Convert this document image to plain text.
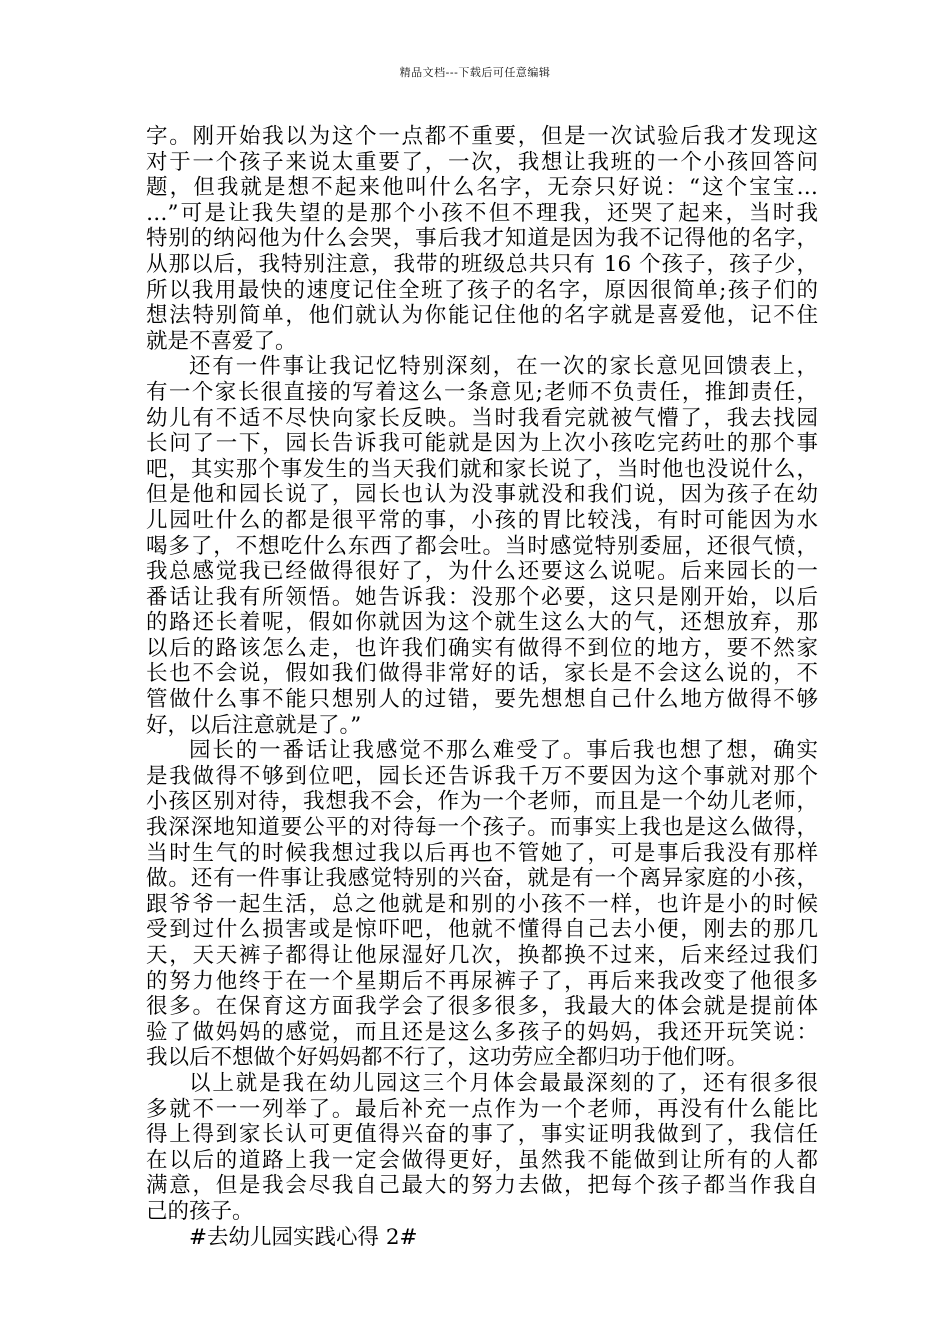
精品文档---下载后可任意编辑
字。刚开始我以为这个一点都不重要，但是一次试验后我才发现这
对于一个孩子来说太重要了，一次，我想让我班的一个小孩回答问
题，但我就是想不起来他叫什么名字，无奈只好说：“这个宝宝…
…”可是让我失望的是那个小孩不但不理我，还哭了起来，当时我
特别的纳闷他为什么会哭，事后我才知道是因为我不记得他的名字，
从那以后，我特别注意，我带的班级总共只有 16 个孩子，孩子少，
所以我用最快的速度记住全班了孩子的名字，原因很简单;孩子们的
想法特别简单，他们就认为你能记住他的名字就是喜爱他，记不住
就是不喜爱了。
还有一件事让我记忆特别深刻，在一次的家长意见回馈表上，
有一个家长很直接的写着这么一条意见;老师不负责任，推卸责任，
幼儿有不适不尽快向家长反映。当时我看完就被气懵了，我去找园
长问了一下，园长告诉我可能就是因为上次小孩吃完药吐的那个事
吧，其实那个事发生的当天我们就和家长说了，当时他也没说什么，
但是他和园长说了，园长也认为没事就没和我们说，因为孩子在幼
儿园吐什么的都是很平常的事，小孩的胃比较浅，有时可能因为水
喝多了，不想吃什么东西了都会吐。当时感觉特别委屈，还很气愤，
我总感觉我已经做得很好了，为什么还要这么说呢。后来园长的一
番话让我有所领悟。她告诉我：没那个必要，这只是刚开始，以后
的路还长着呢，假如你就因为这个就生这么大的气，还想放弃，那
以后的路该怎么走，也许我们确实有做得不到位的地方，要不然家
长也不会说，假如我们做得非常好的话，家长是不会这么说的，不
管做什么事不能只想别人的过错，要先想想自己什么地方做得不够
好，以后注意就是了。”
园长的一番话让我感觉不那么难受了。事后我也想了想，确实
是我做得不够到位吧，园长还告诉我千万不要因为这个事就对那个
小孩区别对待，我想我不会，作为一个老师，而且是一个幼儿老师，
我深深地知道要公平的对待每一个孩子。而事实上我也是这么做得，
当时生气的时候我想过我以后再也不管她了，可是事后我没有那样
做。还有一件事让我感觉特别的兴奋，就是有一个离异家庭的小孩，
跟爷爷一起生活，总之他就是和别的小孩不一样，也许是小的时候
受到过什么损害或是惊吓吧，他就不懂得自己去小便，刚去的那几
天，天天裤子都得让他尿湿好几次，换都换不过来，后来经过我们
的努力他终于在一个星期后不再尿裤子了，再后来我改变了他很多
很多。在保育这方面我学会了很多很多，我最大的体会就是提前体
验了做妈妈的感觉，而且还是这么多孩子的妈妈，我还开玩笑说：
我以后不想做个好妈妈都不行了，这功劳应全都归功于他们呀。
以上就是我在幼儿园这三个月体会最最深刻的了，还有很多很
多就不一一列举了。最后补充一点作为一个老师，再没有什么能比
得上得到家长认可更值得兴奋的事了，事实证明我做到了，我信任
在以后的道路上我一定会做得更好，虽然我不能做到让所有的人都
满意，但是我会尽我自己最大的努力去做，把每个孩子都当作我自
己的孩子。
#去幼儿园实践心得 2#
